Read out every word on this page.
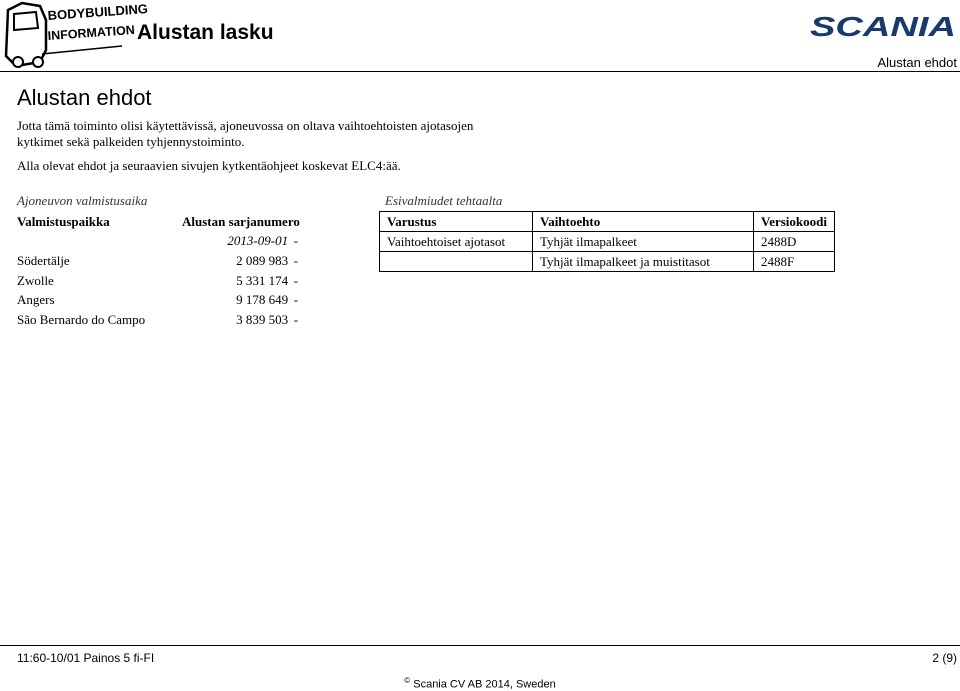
BODYBUILDING
INFORMATION Alustan lasku	SCANIA
Alustan ehdot
Alustan ehdot
Jotta tämä toiminto olisi käytettävissä, ajoneuvossa on oltava vaihtoehtoisten ajotasojen kytkimet sekä palkeiden tyhjennystoiminto.
Alla olevat ehdot ja seuraavien sivujen kytkentäohjeet koskevat ELC4:ää.
Ajoneuvon valmistusaika	Esivalmiudet tehtaalta
Valmistuspaikka	Alustan sarjanumero	
	2013-09-01	-
Södertälje	2 089 983	-
Zwolle	5 331 174	-
Angers	9 178 649	-
São Bernardo do Campo	3 839 503	-
Varustus	Vaihtoehto	Versiokoodi
Vaihtoehtoiset ajotasot	Tyhjät ilmapalkeet	2488D
	Tyhjät ilmapalkeet ja muistitasot	2488F
11:60-10/01 Painos 5 fi-FI	2 (9)
© Scania CV AB 2014, Sweden
